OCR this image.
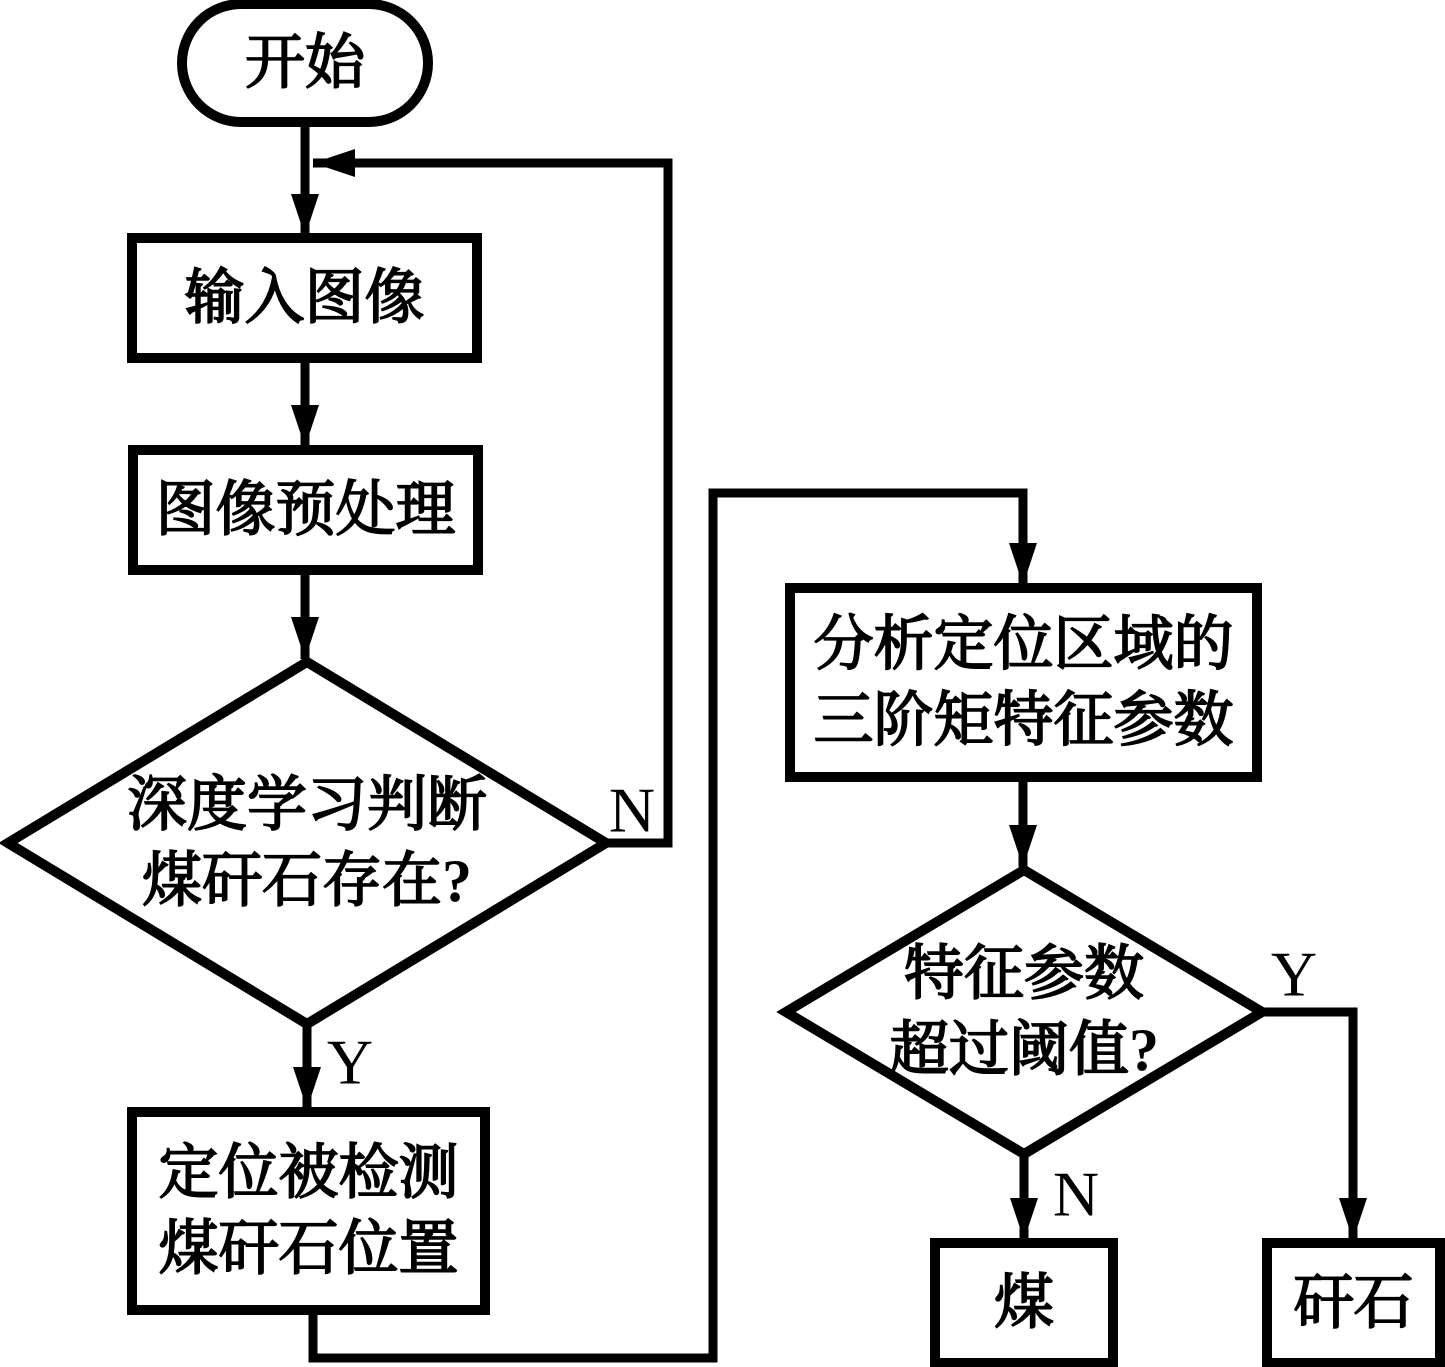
开始
输入图像
图像预处理
深度学习判断
煤矸石存在?
定位被检测
煤矸石位置
分析定位区域的
三阶矩特征参数
特征参数
超过阈值?
煤	矸石
N
Y
Y
N
